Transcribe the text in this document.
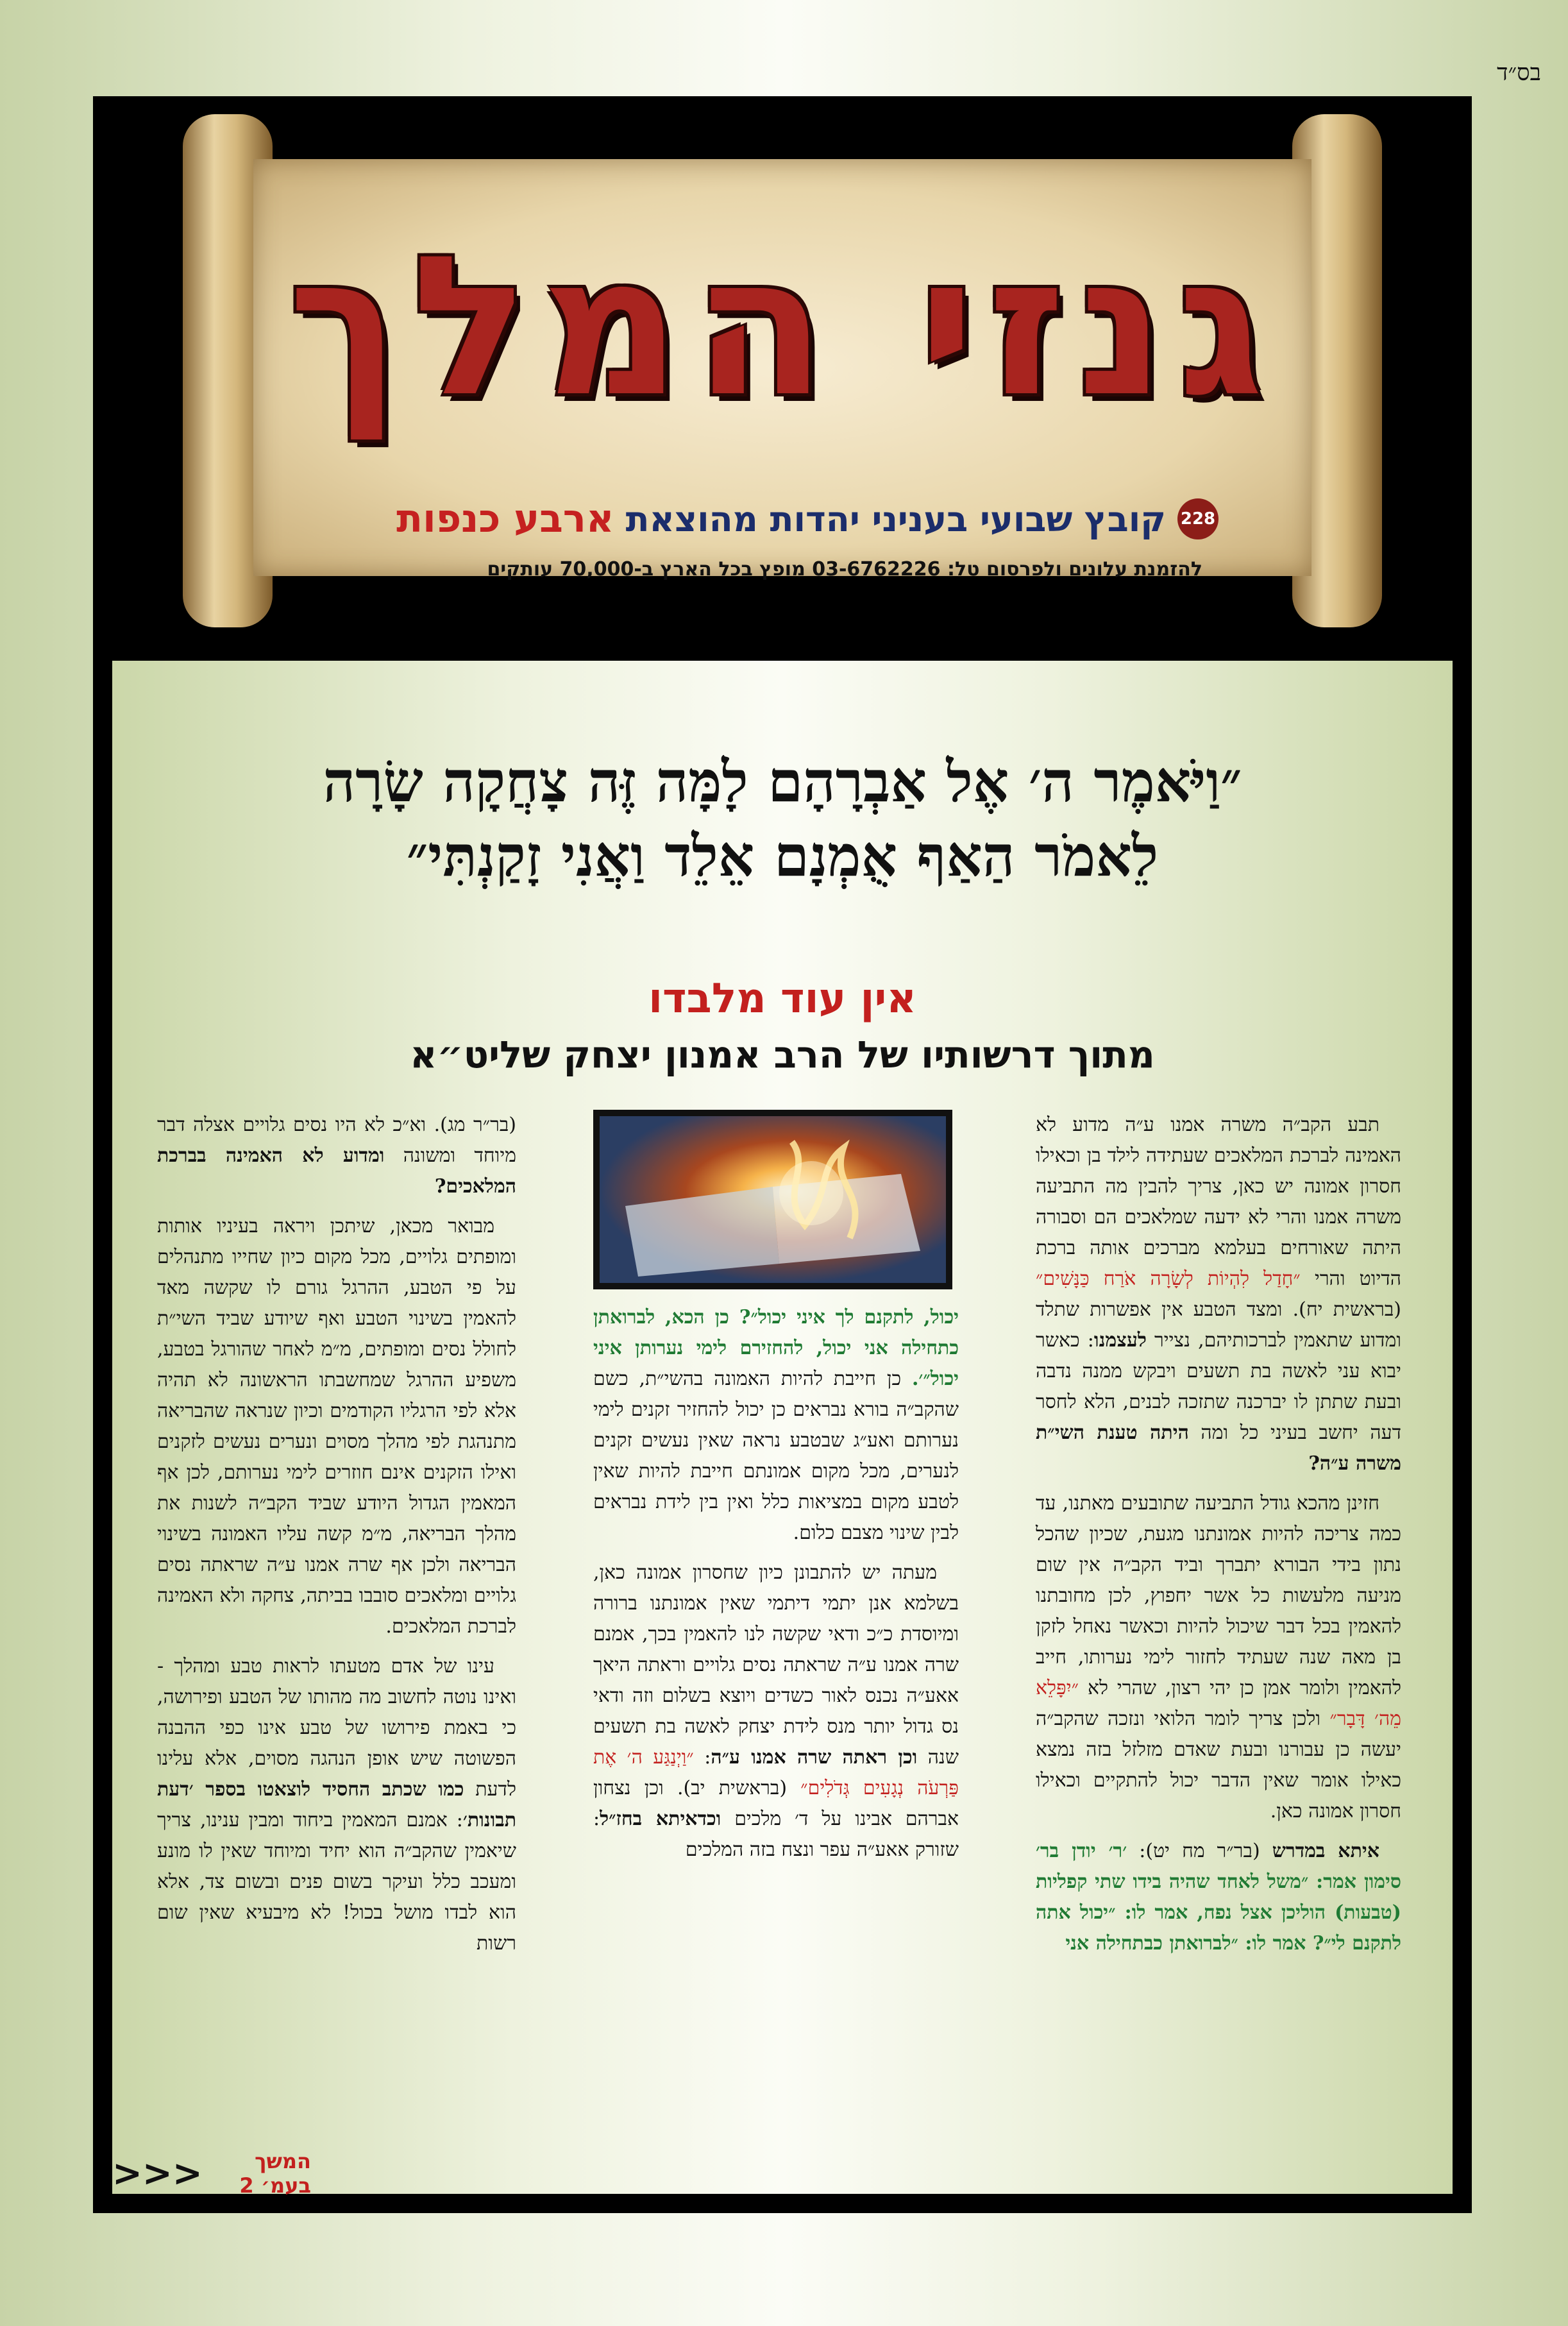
בס״ד
גנזי המלך
228
קובץ שבועי בעניני יהדות מהוצאת
ארבע כנפות
להזמנת עלונים ולפרסום טל: 03-6762226 מופץ בכל הארץ ב-70,000 עותקים
״וַיֹּאמֶר ה׳ אֶל אַבְרָהָם לָמָּה זֶּה צָחֲקָה שָׂרָה
לֵאמֹר הַאַף אֻמְנָם אֵלֵד וַאֲנִי זָקַנְתִּי״
אין עוד מלבדו
מתוך דרשותיו של הרב אמנון יצחק שליט״א

תבע הקב״ה משרה אמנו ע״ה מדוע לא האמינה לברכת המלאכים שעתידה לילד בן וכאילו חסרון אמונה יש כאן, צריך להבין מה התביעה משרה אמנו והרי לא ידעה שמלאכים הם וסבורה היתה שאורחים בעלמא מברכים אותה ברכת הדיוט והרי ״חָדַל לִהְיוֹת לְשָׂרָה אֹרַח כַּנָּשִׁים״ (בראשית יח). ומצד הטבע אין אפשרות שתלד ומדוע שתאמין לברכותיהם, נצייר לעצמנו: כאשר יבוא עני לאשה בת תשעים ויבקש ממנה נדבה ובעת שתתן לו יברכנה שתזכה לבנים, הלא לחסר דעה יחשב בעיני כל ומה היתה טענת השי״ת משרה ע״ה?

חזינן מהכא גודל התביעה שתובעים מאתנו, עד כמה צריכה להיות אמונתנו מגעת, שכיון שהכל נתון בידי הבורא יתברך וביד הקב״ה אין שום מניעה מלעשות כל אשר יחפוץ, לכן מחובתנו להאמין בכל דבר שיכול להיות וכאשר נאחל לזקן בן מאה שנה שעתיד לחזור לימי נערותו, חייב להאמין ולומר אמן כן יהי רצון, שהרי לא ״יִפָּלֵא מֵה׳ דָּבָר״ ולכן צריך לומר הלואי ונזכה שהקב״ה יעשה כן עבורנו ובעת שאדם מזלזל בזה נמצא כאילו אומר שאין הדבר יכול להתקיים וכאילו חסרון אמונה כאן.

איתא במדרש (בר״ר מח יט): ׳ר׳ יודן בר׳ סימון אמר: ״משל לאחד שהיה בידו שתי קפליות (טבעות) הוליכן אצל נפח, אמר לו: ״יכול אתה לתקנם לי״? אמר לו: ״לברואתן כבתחילה אני

יכול, לתקנם לך איני יכול״? כן הכא, לברואתן כתחילה אני יכול, להחזירם לימי נערותן איני יכול״׳. כן חייבת להיות האמונה בהשי״ת, כשם שהקב״ה בורא נבראים כן יכול להחזיר זקנים לימי נערותם ואע״ג שבטבע נראה שאין נעשים זקנים לנערים, מכל מקום אמונתם חייבת להיות שאין לטבע מקום במציאות כלל ואין בין לידת נבראים לבין שינוי מצבם כלום.

מעתה יש להתבונן כיון שחסרון אמונה כאן, בשלמא אנן יתמי דיתמי שאין אמונתנו ברורה ומיוסדת כ״כ ודאי שקשה לנו להאמין בכך, אמנם שרה אמנו ע״ה שראתה נסים גלויים וראתה היאך אאע״ה נכנס לאור כשדים ויוצא בשלום וזה ודאי נס גדול יותר מנס לידת יצחק לאשה בת תשעים שנה וכן ראתה שרה אמנו ע״ה: ״וַיְנַגַּע ה׳ אֶת פַּרְעֹה נְגָעִים גְּדֹלִים״ (בראשית יב). וכן נצחון אברהם אבינו על ד׳ מלכים וכדאיתא בחז״ל: שזורק אאע״ה עפר ונצח בזה המלכים

(בר״ר מג). וא״כ לא היו נסים גלויים אצלה דבר מיוחד ומשונה ומדוע לא האמינה בברכת המלאכים?

מבואר מכאן, שיתכן ויראה בעיניו אותות ומופתים גלויים, מכל מקום כיון שחייו מתנהלים על פי הטבע, ההרגל גורם לו שקשה מאד להאמין בשינוי הטבע ואף שיודע שביד השי״ת לחולל נסים ומופתים, מ״מ לאחר שהורגל בטבע, משפיע ההרגל שמחשבתו הראשונה לא תהיה אלא לפי הרגליו הקודמים וכיון שנראה שהבריאה מתנהגת לפי מהלך מסוים ונערים נעשים לזקנים ואילו הזקנים אינם חוזרים לימי נערותם, לכן אף המאמין הגדול היודע שביד הקב״ה לשנות את מהלך הבריאה, מ״מ קשה עליו האמונה בשינוי הבריאה ולכן אף שרה אמנו ע״ה שראתה נסים גלויים ומלאכים סובבו בביתה, צחקה ולא האמינה לברכת המלאכים.

עינו של אדם מטעתו לראות טבע ומהלך - ואינו נוטה לחשוב מה מהותו של הטבע ופירושה, כי באמת פירושו של טבע אינו כפי ההבנה הפשוטה שיש אופן הנהגה מסוים, אלא עלינו לדעת כמו שכתב החסיד לוצאטו בספר ׳דעת תבונות׳: אמנם המאמין ביחוד ומבין ענינו, צריך שיאמין שהקב״ה הוא יחיד ומיוחד שאין לו מונע ומעכב כלל ועיקר בשום פנים ובשום צד, אלא הוא לבדו מושל בכול! לא מיבעיא שאין שום רשות

המשך בעמ׳ 2
<<<
